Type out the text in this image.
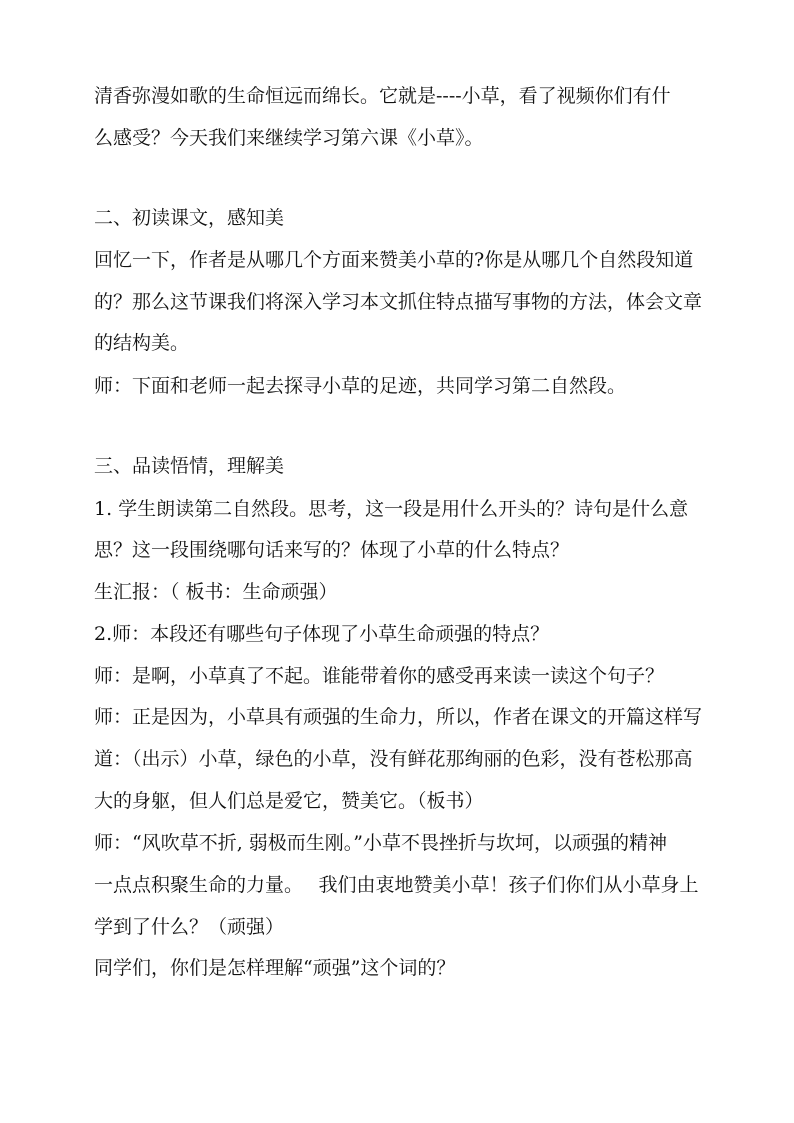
清香弥漫如歌的生命恒远而绵长。它就是----小草，看了视频你们有什
么感受？今天我们来继续学习第六课《小草》。
二、初读课文，感知美
回忆一下，作者是从哪几个方面来赞美小草的?你是从哪几个自然段知道
的？那么这节课我们将深入学习本文抓住特点描写事物的方法，体会文章
的结构美。
师：下面和老师一起去探寻小草的足迹，共同学习第二自然段。
三、品读悟情，理解美
1. 学生朗读第二自然段。思考，这一段是用什么开头的？诗句是什么意
思？这一段围绕哪句话来写的？体现了小草的什么特点？
生汇报：（ 板书：生命顽强）
2.师：本段还有哪些句子体现了小草生命顽强的特点？
师：是啊，小草真了不起。谁能带着你的感受再来读一读这个句子？
师：正是因为，小草具有顽强的生命力，所以，作者在课文的开篇这样写
道：（出示）小草，绿色的小草，没有鲜花那绚丽的色彩，没有苍松那高
大的身躯，但人们总是爱它，赞美它。（板书）
师：“风吹草不折, 弱极而生刚。”小草不畏挫折与坎坷，以顽强的精神
一点点积聚生命的力量。　 我们由衷地赞美小草！孩子们你们从小草身上
学到了什么？（顽强）
同学们，你们是怎样理解“顽强”这个词的？
